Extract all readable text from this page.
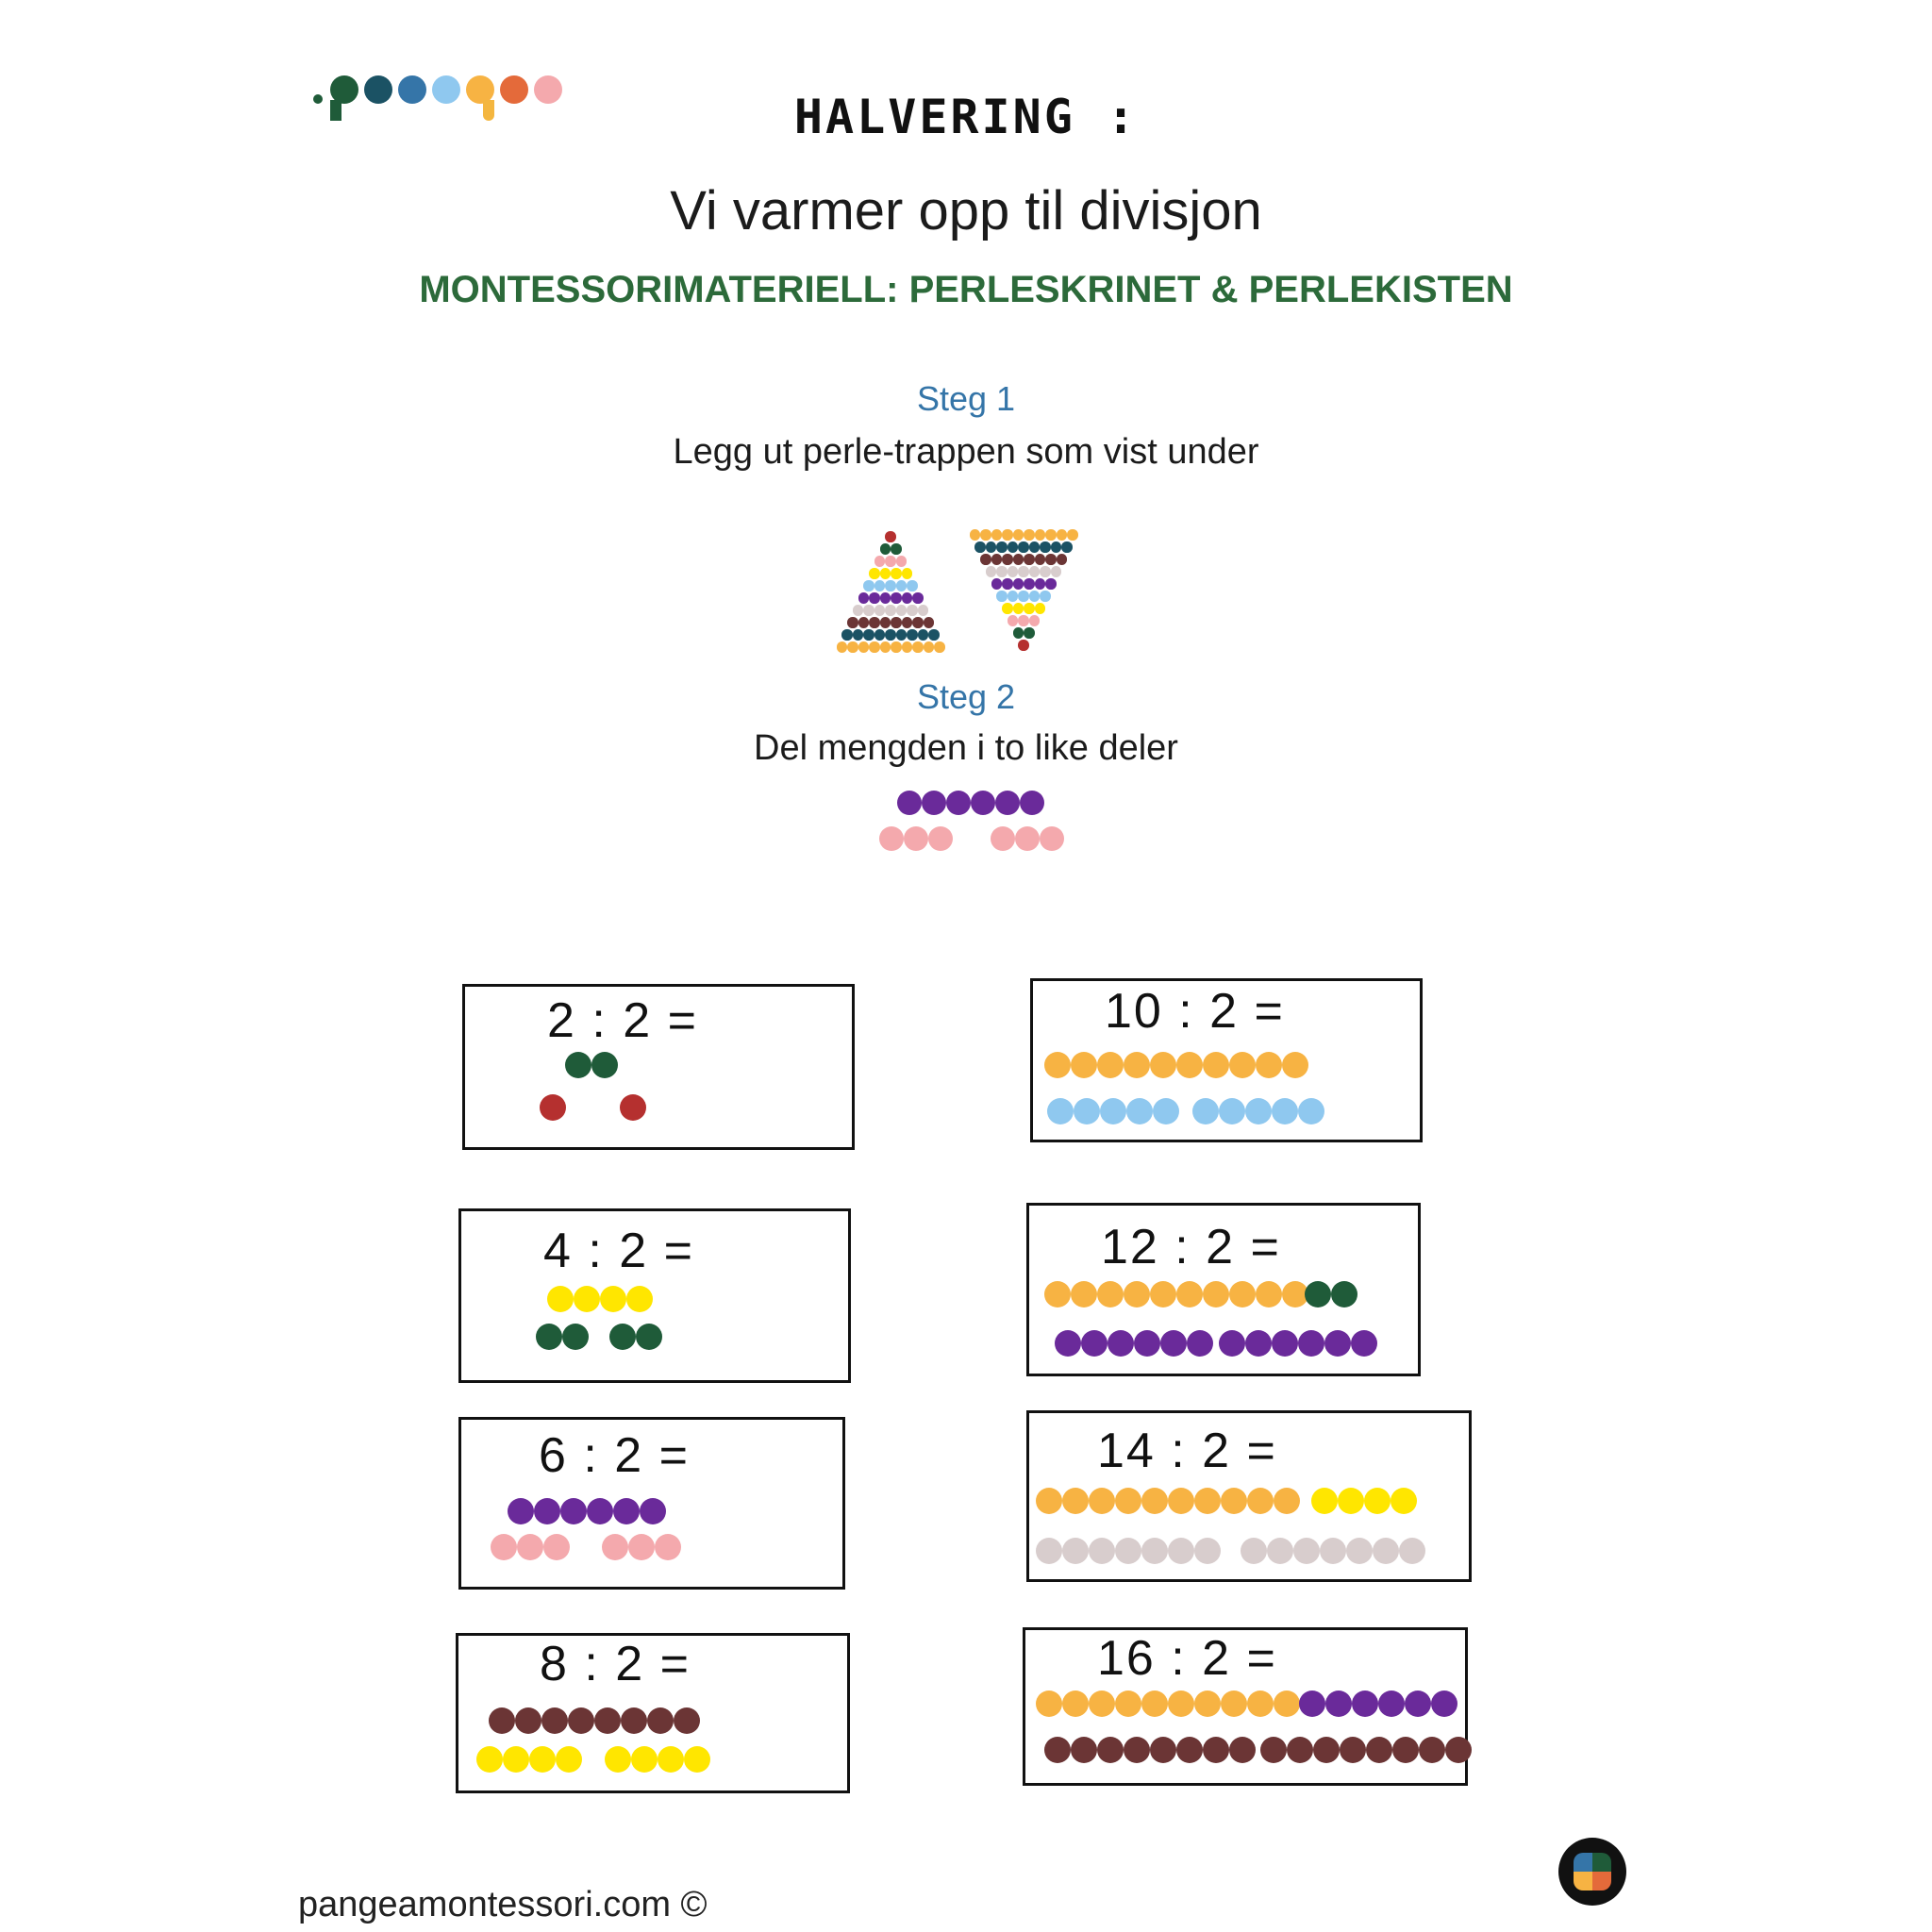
HALVERING :
Vi varmer opp til divisjon
MONTESSORIMATERIELL: PERLESKRINET & PERLEKISTEN
Steg 1
Legg ut perle-trappen som vist under
Steg 2
Del mengden i to like deler
2 : 2 =
4 : 2 =
6 : 2 =
8 : 2 =
10 : 2 =
12 : 2 =
14 : 2 =
16 : 2 =
pangeamontessori.com ©
